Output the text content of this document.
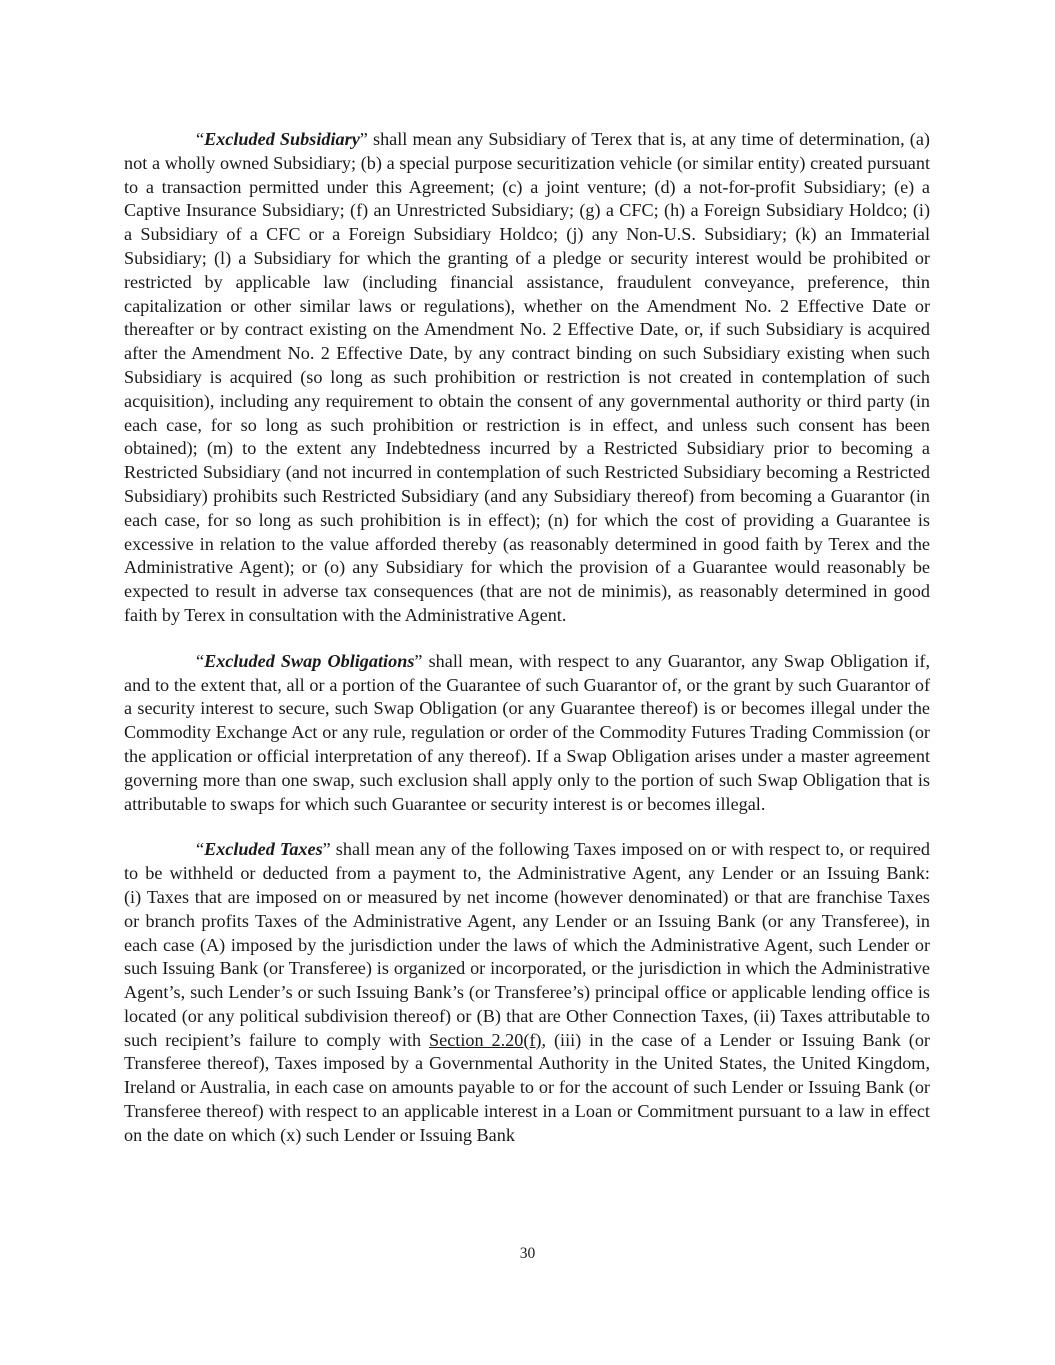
“Excluded Subsidiary” shall mean any Subsidiary of Terex that is, at any time of determination, (a) not a wholly owned Subsidiary; (b) a special purpose securitization vehicle (or similar entity) created pursuant to a transaction permitted under this Agreement; (c) a joint venture; (d) a not-for-profit Subsidiary; (e) a Captive Insurance Subsidiary; (f) an Unrestricted Subsidiary; (g) a CFC; (h) a Foreign Subsidiary Holdco; (i) a Subsidiary of a CFC or a Foreign Subsidiary Holdco; (j) any Non-U.S. Subsidiary; (k) an Immaterial Subsidiary; (l) a Subsidiary for which the granting of a pledge or security interest would be prohibited or restricted by applicable law (including financial assistance, fraudulent conveyance, preference, thin capitalization or other similar laws or regulations), whether on the Amendment No. 2 Effective Date or thereafter or by contract existing on the Amendment No. 2 Effective Date, or, if such Subsidiary is acquired after the Amendment No. 2 Effective Date, by any contract binding on such Subsidiary existing when such Subsidiary is acquired (so long as such prohibition or restriction is not created in contemplation of such acquisition), including any requirement to obtain the consent of any governmental authority or third party (in each case, for so long as such prohibition or restriction is in effect, and unless such consent has been obtained); (m) to the extent any Indebtedness incurred by a Restricted Subsidiary prior to becoming a Restricted Subsidiary (and not incurred in contemplation of such Restricted Subsidiary becoming a Restricted Subsidiary) prohibits such Restricted Subsidiary (and any Subsidiary thereof) from becoming a Guarantor (in each case, for so long as such prohibition is in effect); (n) for which the cost of providing a Guarantee is excessive in relation to the value afforded thereby (as reasonably determined in good faith by Terex and the Administrative Agent); or (o) any Subsidiary for which the provision of a Guarantee would reasonably be expected to result in adverse tax consequences (that are not de minimis), as reasonably determined in good faith by Terex in consultation with the Administrative Agent.

“Excluded Swap Obligations” shall mean, with respect to any Guarantor, any Swap Obligation if, and to the extent that, all or a portion of the Guarantee of such Guarantor of, or the grant by such Guarantor of a security interest to secure, such Swap Obligation (or any Guarantee thereof) is or becomes illegal under the Commodity Exchange Act or any rule, regulation or order of the Commodity Futures Trading Commission (or the application or official interpretation of any thereof). If a Swap Obligation arises under a master agreement governing more than one swap, such exclusion shall apply only to the portion of such Swap Obligation that is attributable to swaps for which such Guarantee or security interest is or becomes illegal.

“Excluded Taxes” shall mean any of the following Taxes imposed on or with respect to, or required to be withheld or deducted from a payment to, the Administrative Agent, any Lender or an Issuing Bank: (i) Taxes that are imposed on or measured by net income (however denominated) or that are franchise Taxes or branch profits Taxes of the Administrative Agent, any Lender or an Issuing Bank (or any Transferee), in each case (A) imposed by the jurisdiction under the laws of which the Administrative Agent, such Lender or such Issuing Bank (or Transferee) is organized or incorporated, or the jurisdiction in which the Administrative Agent’s, such Lender’s or such Issuing Bank’s (or Transferee’s) principal office or applicable lending office is located (or any political subdivision thereof) or (B) that are Other Connection Taxes, (ii) Taxes attributable to such recipient’s failure to comply with Section 2.20(f), (iii) in the case of a Lender or Issuing Bank (or Transferee thereof), Taxes imposed by a Governmental Authority in the United States, the United Kingdom, Ireland or Australia, in each case on amounts payable to or for the account of such Lender or Issuing Bank (or Transferee thereof) with respect to an applicable interest in a Loan or Commitment pursuant to a law in effect on the date on which (x) such Lender or Issuing Bank

30
